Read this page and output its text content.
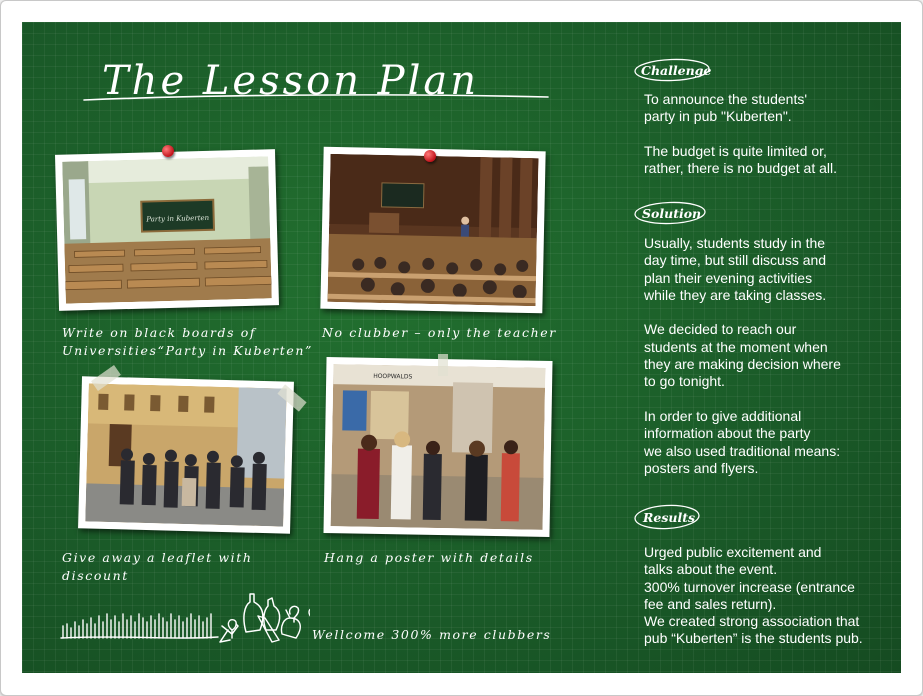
The Lesson Plan
Party in Kuberten
Write on black boards of
Universities“Party in Kuberten”
No clubber – only the teacher
HOOPWALDS
Give away a leaflet with
discount
Hang a poster with details
Wellcome 300% more clubbers
Challenge

To announce the students'

party in pub "Kuberten".

The budget is quite limited or,

rather, there is no budget at all.

Solution

Usually, students study in the

day time, but still discuss and

plan their evening activities

while they are taking classes.

We decided to reach our

students at the moment when

they are making decision where

to go tonight.

In order to give additional

information about the party

we also used traditional means:

posters and flyers.

Results

Urged public excitement and

talks about the event.

300% turnover increase (entrance

fee and sales return).

We created strong association that

pub “Kuberten” is the students pub.
